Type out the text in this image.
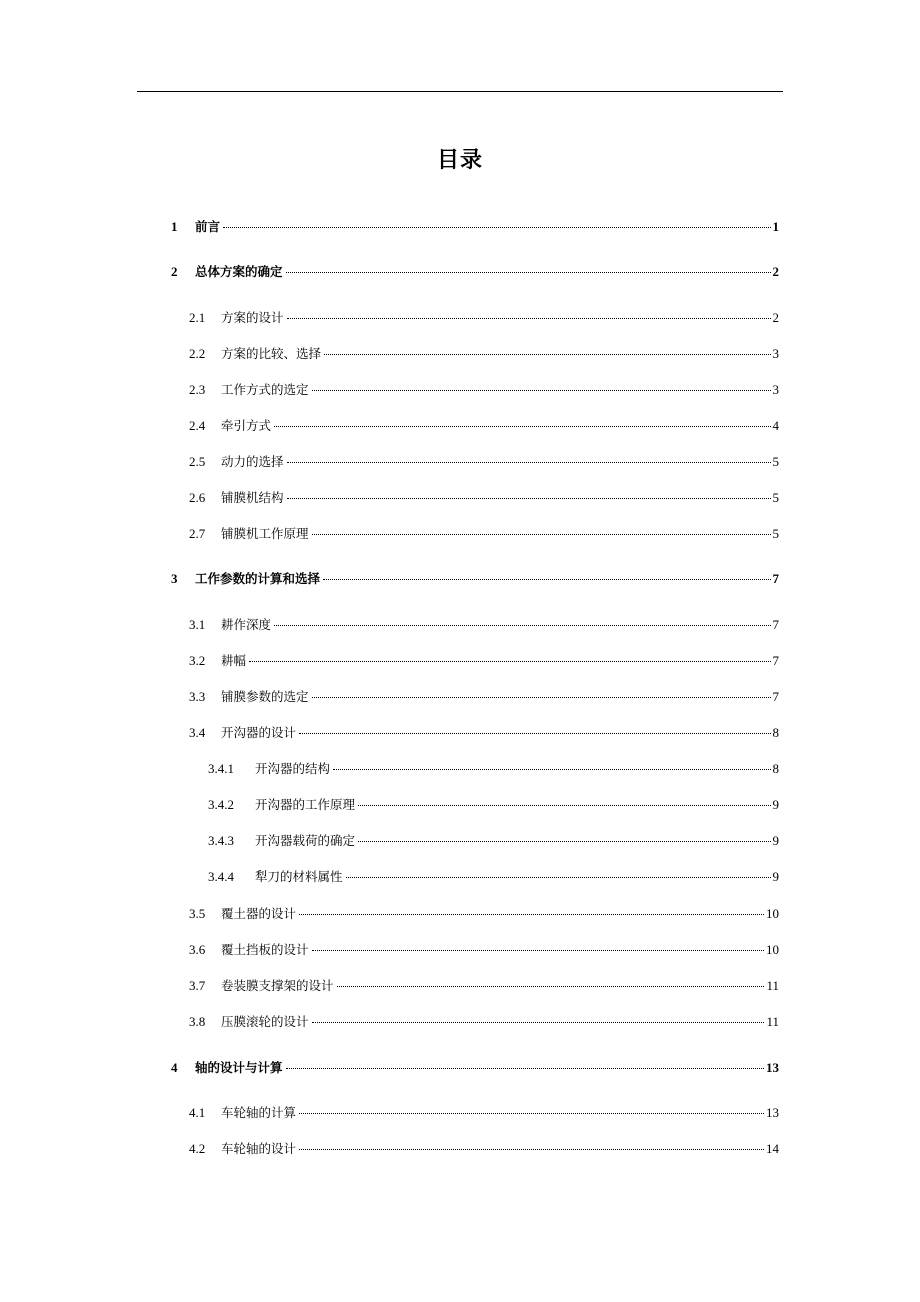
目录
1	前言	1
2	总体方案的确定	2
2.1	方案的设计	2
2.2	方案的比较、选择	3
2.3	工作方式的选定	3
2.4	牵引方式	4
2.5	动力的选择	5
2.6	铺膜机结构	5
2.7	铺膜机工作原理	5
3	工作参数的计算和选择	7
3.1	耕作深度	7
3.2	耕幅	7
3.3	铺膜参数的选定	7
3.4	开沟器的设计	8
3.4.1	开沟器的结构	8
3.4.2	开沟器的工作原理	9
3.4.3	开沟器载荷的确定	9
3.4.4	犁刀的材料属性	9
3.5	覆土器的设计	10
3.6	覆土挡板的设计	10
3.7	卷装膜支撑架的设计	11
3.8	压膜滚轮的设计	11
4	轴的设计与计算	13
4.1	车轮轴的计算	13
4.2	车轮轴的设计	14
